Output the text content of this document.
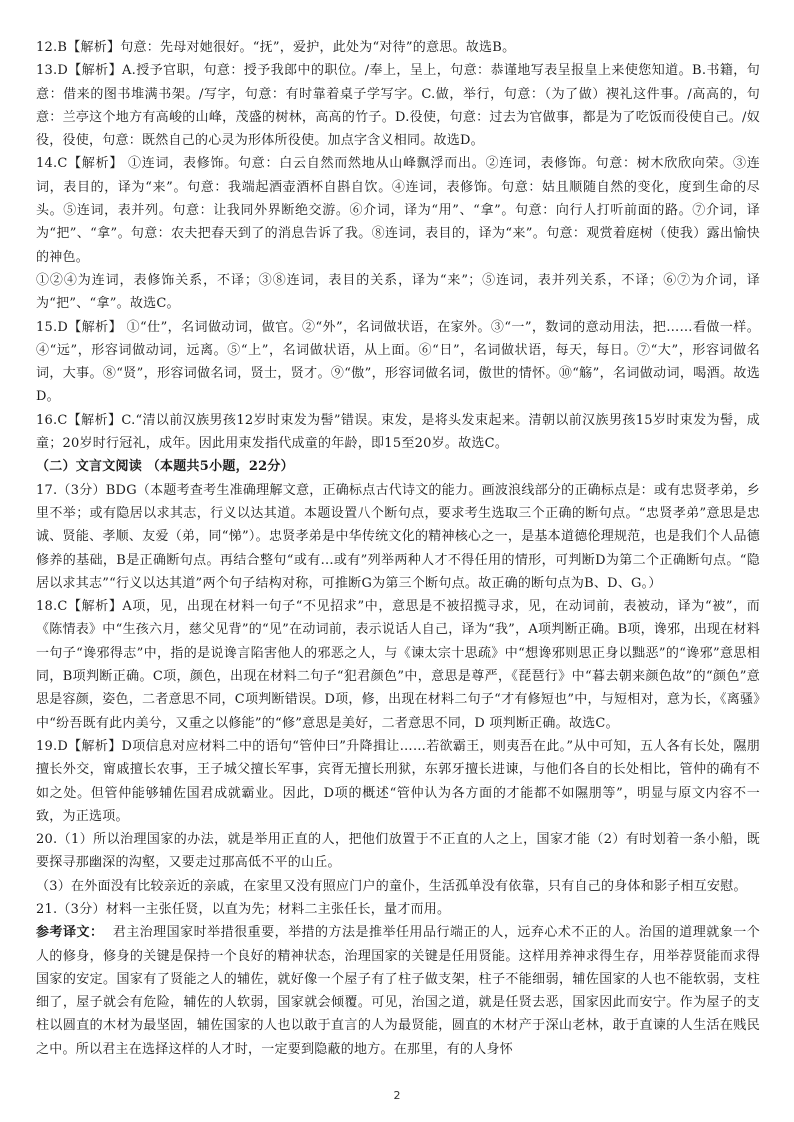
12.B【解析】句意：先母对她很好。“抚”，爱护，此处为“对待”的意思。故选B。

13.D【解析】A.授予官职，句意：授予我郎中的职位。/奉上，呈上，句意：恭谨地写表呈报皇上来使您知道。B.书籍，句意：借来的图书堆满书架。/写字，句意：有时靠着桌子学写字。C.做，举行，句意：（为了做）禊礼这件事。/高高的，句意：兰亭这个地方有高峻的山峰，茂盛的树林，高高的竹子。D.役使，句意：过去为官做事，都是为了吃饭而役使自己。/奴役，役使，句意：既然自己的心灵为形体所役使。加点字含义相同。故选D。

14.C【解析】 ①连词，表修饰。句意：白云自然而然地从山峰飘浮而出。②连词，表修饰。句意：树木欣欣向荣。③连词，表目的，译为“来”。句意：我端起酒壶酒杯自斟自饮。④连词，表修饰。句意：姑且顺随自然的变化，度到生命的尽头。⑤连词，表并列。句意：让我同外界断绝交游。⑥介词，译为“用”、“拿”。句意：向行人打听前面的路。⑦介词，译为“把”、“拿”。句意：农夫把春天到了的消息告诉了我。⑧连词，表目的，译为“来”。句意：观赏着庭树（使我）露出愉快的神色。

①②④为连词，表修饰关系，不译；③⑧连词，表目的关系，译为“来”；⑤连词，表并列关系，不译；⑥⑦为介词，译为“把”、“拿”。故选C。

15.D【解析】 ①“仕”，名词做动词，做官。②“外”，名词做状语，在家外。③“一”，数词的意动用法，把……看做一样。④“远”，形容词做动词，远离。⑤“上”，名词做状语，从上面。⑥“日”，名词做状语，每天，每日。⑦“大”，形容词做名词，大事。⑧“贤”，形容词做名词，贤士，贤才。⑨“傲”，形容词做名词，傲世的情怀。⑩“觞”，名词做动词，喝酒。故选D。

16.C【解析】C.“清以前汉族男孩12岁时束发为髻”错误。束发，是将头发束起来。清朝以前汉族男孩15岁时束发为髻，成童；20岁时行冠礼，成年。因此用束发指代成童的年龄，即15至20岁。故选C。

（二）文言文阅读 （本题共5小题，22分）

17.（3分）BDG（本题考查考生准确理解文意，正确标点古代诗文的能力。画波浪线部分的正确标点是：或有忠贤孝弟，乡里不举；或有隐居以求其志，行义以达其道。本题设置八个断句点，要求考生选取三个正确的断句点。“忠贤孝弟”意思是忠诚、贤能、孝顺、友爱（弟，同“悌”）。忠贤孝弟是中华传统文化的精神核心之一，是基本道德伦理规范，也是我们个人品德修养的基础，B是正确断句点。再结合整句“或有...或有”列举两种人才不得任用的情形，可判断D为第二个正确断句点。“隐居以求其志”“行义以达其道”两个句子结构对称，可推断G为第三个断句点。故正确的断句点为B、D、G。）

18.C【解析】A项，见，出现在材料一句子“不见招求”中，意思是不被招揽寻求，见，在动词前，表被动，译为“被”，而《陈情表》中“生孩六月，慈父见背”的“见”在动词前，表示说话人自己，译为“我”，A项判断正确。B项，谗邪，出现在材料一句子“谗邪得志”中，指的是说谗言陷害他人的邪恶之人，与《谏太宗十思疏》中“想谗邪则思正身以黜恶”的“谗邪”意思相同，B项判断正确。C项，颜色，出现在材料二句子“犯君颜色”中，意思是尊严，《琵琶行》中“暮去朝来颜色故”的“颜色”意思是容颜，姿色，二者意思不同，C项判断错误。D项，修，出现在材料二句子“才有修短也”中，与短相对，意为长，《离骚》中“纷吾既有此内美兮，又重之以修能”的“修”意思是美好，二者意思不同，D 项判断正确。故选C。

19.D【解析】D项信息对应材料二中的语句“管仲曰”升降揖让……若欲霸王，则夷吾在此。”从中可知，五人各有长处，隰朋擅长外交，甯戚擅长农事，王子城父擅长军事，宾胥无擅长刑狱，东郭牙擅长进谏，与他们各自的长处相比，管仲的确有不如之处。但管仲能够辅佐国君成就霸业。因此，D项的概述“管仲认为各方面的才能都不如隰朋等”，明显与原文内容不一致，为正选项。

20.（1）所以治理国家的办法，就是举用正直的人，把他们放置于不正直的人之上，国家才能（2）有时划着一条小船，既要探寻那幽深的沟壑，又要走过那高低不平的山丘。

（3）在外面没有比较亲近的亲戚，在家里又没有照应门户的童仆，生活孤单没有依靠，只有自己的身体和影子相互安慰。

21.（3分）材料一主张任贤，以直为先；材料二主张任长，量才而用。

参考译文： 君主治理国家时举措很重要，举措的方法是推举任用品行端正的人，远弃心术不正的人。治国的道理就象一个人的修身，修身的关键是保持一个良好的精神状态，治理国家的关键是任用贤能。这样用养神求得生存，用举荐贤能而求得国家的安定。国家有了贤能之人的辅佐，就好像一个屋子有了柱子做支架，柱子不能细弱，辅佐国家的人也不能软弱，支柱细了，屋子就会有危险，辅佐的人软弱，国家就会倾覆。可见，治国之道，就是任贤去恶，国家因此而安宁。作为屋子的支柱以圆直的木材为最坚固，辅佐国家的人也以敢于直言的人为最贤能，圆直的木材产于深山老林，敢于直谏的人生活在贱民之中。所以君主在选择这样的人才时，一定要到隐蔽的地方。在那里，有的人身怀

2
